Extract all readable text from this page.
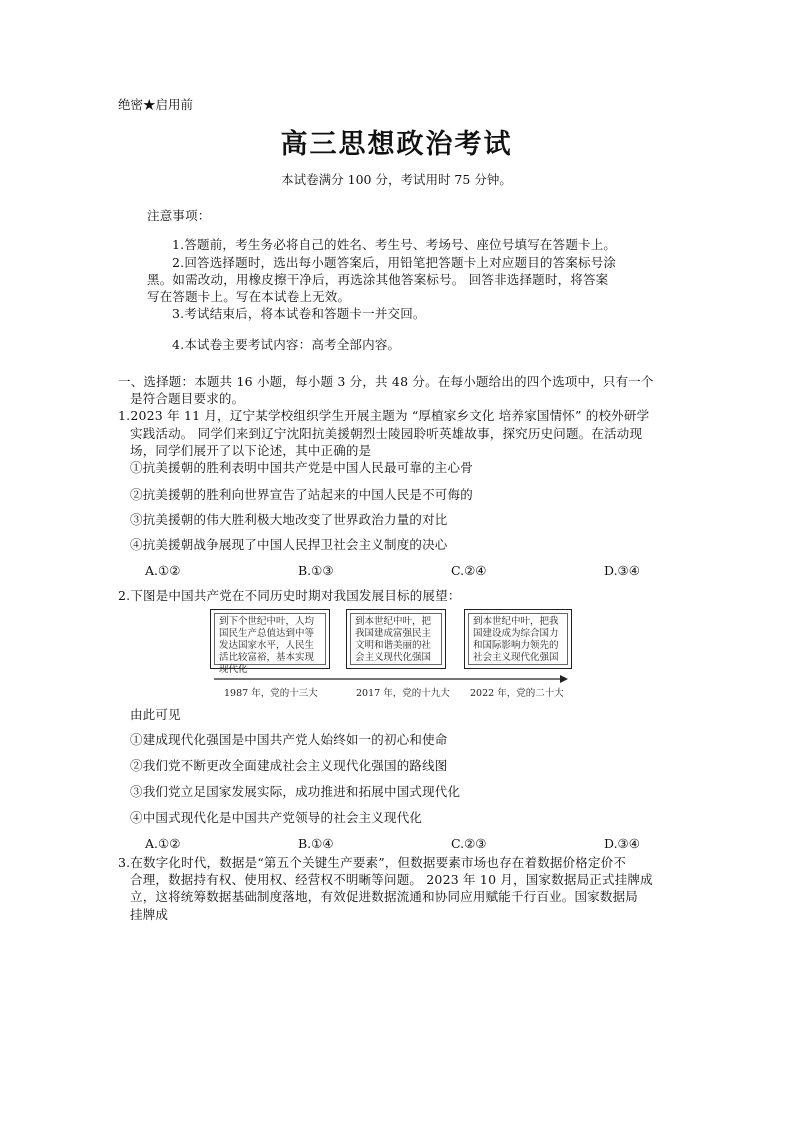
绝密★启用前
高三思想政治考试
本试卷满分 100 分，考试用时 75 分钟。
注意事项：
1.答题前，考生务必将自己的姓名、考生号、考场号、座位号填写在答题卡上。
2.回答选择题时，选出每小题答案后，用铅笔把答题卡上对应题目的答案标号涂
黑。如需改动，用橡皮擦干净后，再选涂其他答案标号。 回答非选择题时，将答案
写在答题卡上。写在本试卷上无效。
3.考试结束后，将本试卷和答题卡一并交回。
4.本试卷主要考试内容：高考全部内容。
一、选择题：本题共 16 小题，每小题 3 分，共 48 分。在每小题给出的四个选项中，只有一个
是符合题目要求的。
1.2023 年 11 月，辽宁某学校组织学生开展主题为 “厚植家乡文化 培养家国情怀” 的校外研学
实践活动。 同学们来到辽宁沈阳抗美援朝烈士陵园聆听英雄故事，探究历史问题。在活动现
场，同学们展开了以下论述，其中正确的是
①抗美援朝的胜利表明中国共产党是中国人民最可靠的主心骨
②抗美援朝的胜利向世界宣告了站起来的中国人民是不可侮的
③抗美援朝的伟大胜利极大地改变了世界政治力量的对比
④抗美援朝战争展现了中国人民捍卫社会主义制度的决心
A.①②	B.①③	C.②④	D.③④
2.下图是中国共产党在不同历史时期对我国发展目标的展望：
到下个世纪中叶，人均国民生产总值达到中等发达国家水平，人民生活比较富裕，基本实现现代化
到本世纪中叶，把我国建成富强民主文明和谐美丽的社会主义现代化强国
到本世纪中叶，把我国建设成为综合国力和国际影响力领先的社会主义现代化强国
1987 年，党的十三大	2017 年，党的十九大 2022 年，党的二十大
由此可见
①建成现代化强国是中国共产党人始终如一的初心和使命
②我们党不断更改全面建成社会主义现代化强国的路线图
③我们党立足国家发展实际，成功推进和拓展中国式现代化
④中国式现代化是中国共产党领导的社会主义现代化
A.①②	B.①④	C.②③	D.③④
3.在数字化时代，数据是“第五个关键生产要素”，但数据要素市场也存在着数据价格定价不
合理，数据持有权、使用权、经营权不明晰等问题。 2023 年 10 月，国家数据局正式挂牌成
立，这将统筹数据基础制度落地，有效促进数据流通和协同应用赋能千行百业。国家数据局
挂牌成
